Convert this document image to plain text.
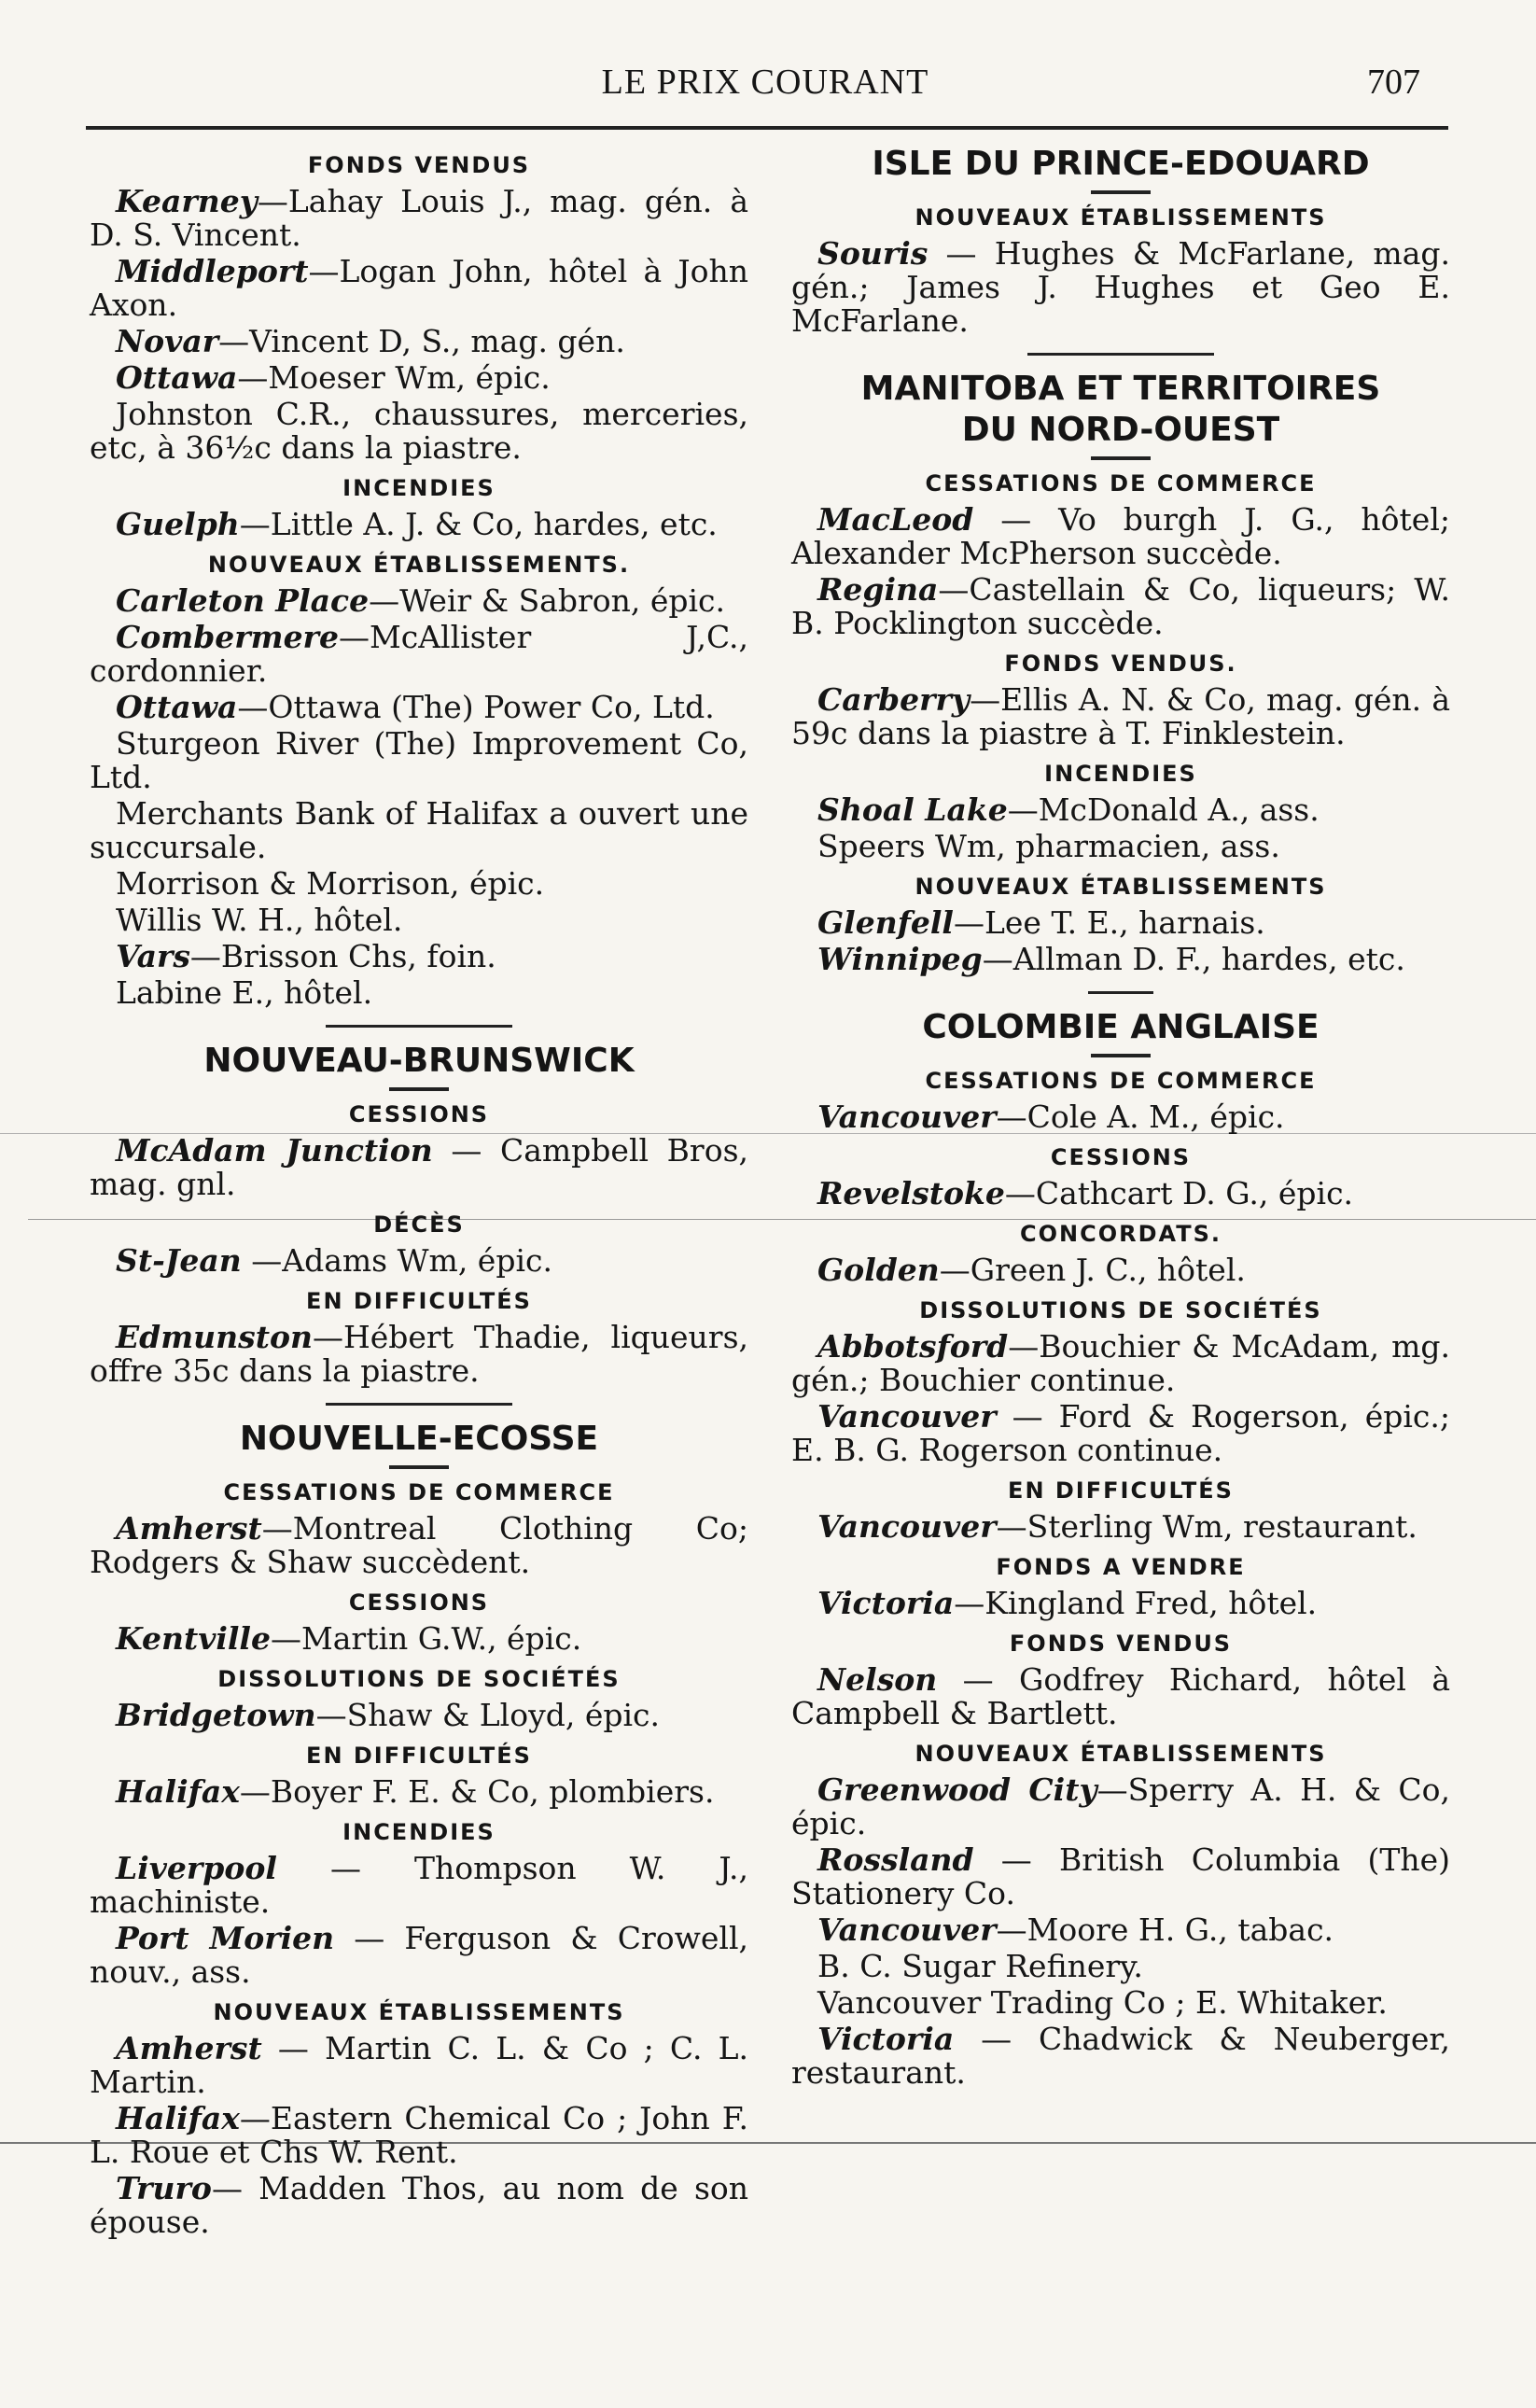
LE PRIX COURANT	707
FONDS VENDUS
Kearney—Lahay Louis J., mag. gén. à D. S. Vincent.
Middleport—Logan John, hôtel à John Axon.
Novar—Vincent D, S., mag. gén.
Ottawa—Moeser Wm, épic.
Johnston C.R., chaussures, merceries, etc, à 36½c dans la piastre.
INCENDIES
Guelph—Little A. J. & Co, hardes, etc.
NOUVEAUX ÉTABLISSEMENTS.
Carleton Place—Weir & Sabron, épic.
Combermere—McAllister J,C., cordonnier.
Ottawa—Ottawa (The) Power Co, Ltd.
Sturgeon River (The) Improvement Co, Ltd.
Merchants Bank of Halifax a ouvert une succursale.
Morrison & Morrison, épic.
Willis W. H., hôtel.
Vars—Brisson Chs, foin.
Labine E., hôtel.
NOUVEAU-BRUNSWICK
CESSIONS
McAdam Junction — Campbell Bros, mag. gnl.
DÉCÈS
St-Jean —Adams Wm, épic.
EN DIFFICULTÉS
Edmunston—Hébert Thadie, liqueurs, offre 35c dans la piastre.
NOUVELLE-ECOSSE
CESSATIONS DE COMMERCE
Amherst—Montreal Clothing Co; Rodgers & Shaw succèdent.
CESSIONS
Kentville—Martin G.W., épic.
DISSOLUTIONS DE SOCIÉTÉS
Bridgetown—Shaw & Lloyd, épic.
EN DIFFICULTÉS
Halifax—Boyer F. E. & Co, plombiers.
INCENDIES
Liverpool — Thompson W. J., machiniste.
Port Morien — Ferguson & Crowell, nouv., ass.
NOUVEAUX ÉTABLISSEMENTS
Amherst — Martin C. L. & Co ; C. L. Martin.
Halifax—Eastern Chemical Co ; John F. L. Roue et Chs W. Rent.
Truro— Madden Thos, au nom de son épouse.
ISLE DU PRINCE-EDOUARD
NOUVEAUX ÉTABLISSEMENTS
Souris — Hughes & McFarlane, mag. gén.; James J. Hughes et Geo E. McFarlane.
MANITOBA ET TERRITOIRES
DU NORD-OUEST
CESSATIONS DE COMMERCE
MacLeod — Vo burgh J. G., hôtel; Alexander McPherson succède.
Regina—Castellain & Co, liqueurs; W. B. Pocklington succède.
FONDS VENDUS.
Carberry—Ellis A. N. & Co, mag. gén. à 59c dans la piastre à T. Finklestein.
INCENDIES
Shoal Lake—McDonald A., ass.
Speers Wm, pharmacien, ass.
NOUVEAUX ÉTABLISSEMENTS
Glenfell—Lee T. E., harnais.
Winnipeg—Allman D. F., hardes, etc.
COLOMBIE ANGLAISE
CESSATIONS DE COMMERCE
Vancouver—Cole A. M., épic.
CESSIONS
Revelstoke—Cathcart D. G., épic.
CONCORDATS.
Golden—Green J. C., hôtel.
DISSOLUTIONS DE SOCIÉTÉS
Abbotsford—Bouchier & McAdam, mg. gén.; Bouchier continue.
Vancouver — Ford & Rogerson, épic.; E. B. G. Rogerson continue.
EN DIFFICULTÉS
Vancouver—Sterling Wm, restaurant.
FONDS A VENDRE
Victoria—Kingland Fred, hôtel.
FONDS VENDUS
Nelson — Godfrey Richard, hôtel à Campbell & Bartlett.
NOUVEAUX ÉTABLISSEMENTS
Greenwood City—Sperry A. H. & Co, épic.
Rossland — British Columbia (The) Stationery Co.
Vancouver—Moore H. G., tabac.
B. C. Sugar Refinery.
Vancouver Trading Co ; E. Whitaker.
Victoria — Chadwick & Neuberger, restaurant.
